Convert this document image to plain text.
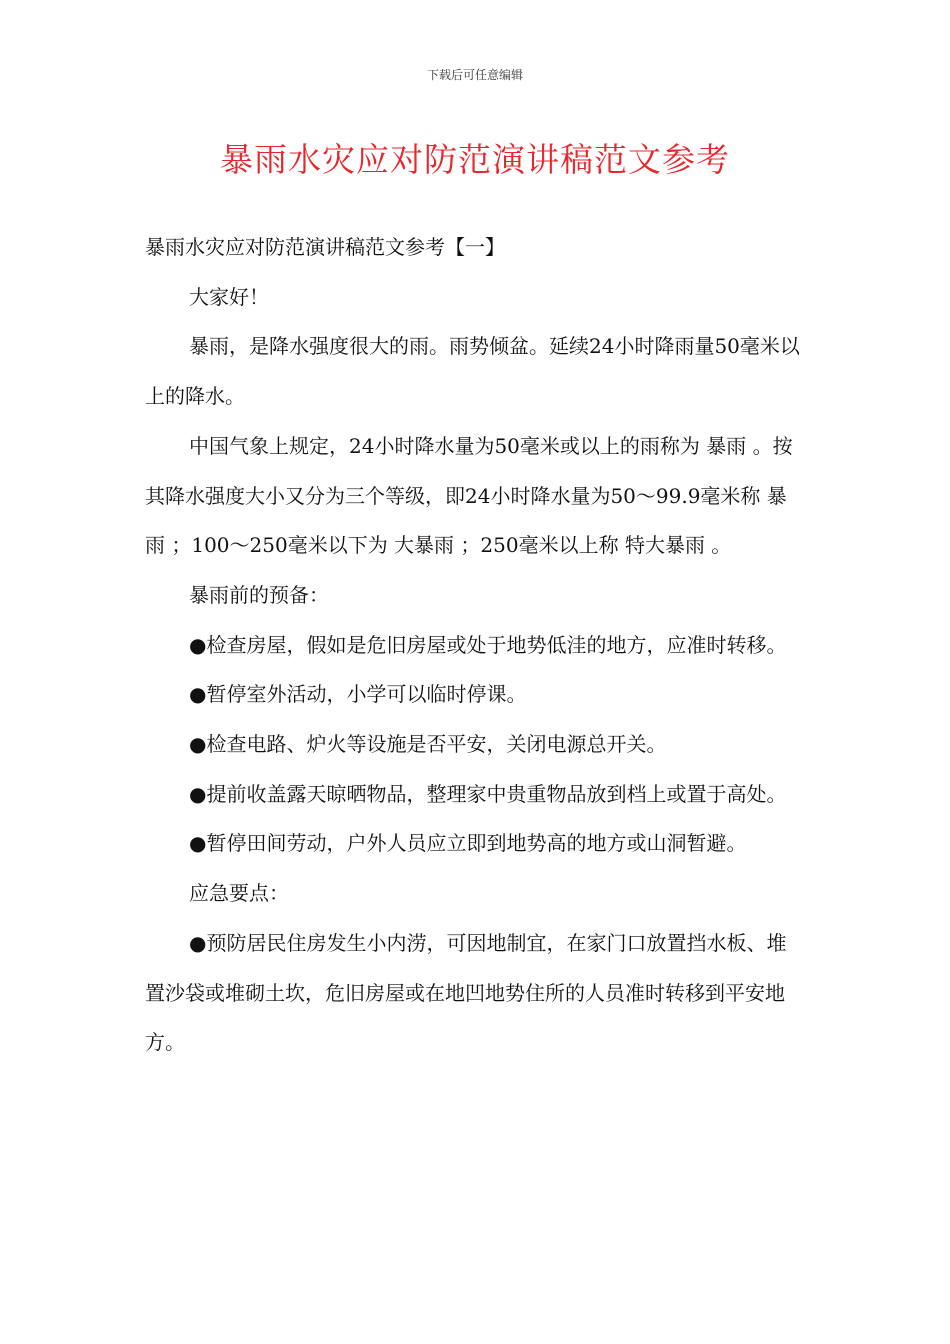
下载后可任意编辑
暴雨水灾应对防范演讲稿范文参考

暴雨水灾应对防范演讲稿范文参考【一】

大家好！

暴雨，是降水强度很大的雨。雨势倾盆。延续24小时降雨量50毫米以上的降水。

中国气象上规定，24小时降水量为50毫米或以上的雨称为 暴雨 。按其降水强度大小又分为三个等级，即24小时降水量为50～99.9毫米称 暴雨 ；100～250毫米以下为 大暴雨 ；250毫米以上称 特大暴雨 。

暴雨前的预备：

●检查房屋，假如是危旧房屋或处于地势低洼的地方，应准时转移。

●暂停室外活动，小学可以临时停课。

●检查电路、炉火等设施是否平安，关闭电源总开关。

●提前收盖露天晾晒物品，整理家中贵重物品放到档上或置于高处。

●暂停田间劳动，户外人员应立即到地势高的地方或山洞暂避。

应急要点：

●预防居民住房发生小内涝，可因地制宜，在家门口放置挡水板、堆置沙袋或堆砌土坎，危旧房屋或在地凹地势住所的人员准时转移到平安地方。
